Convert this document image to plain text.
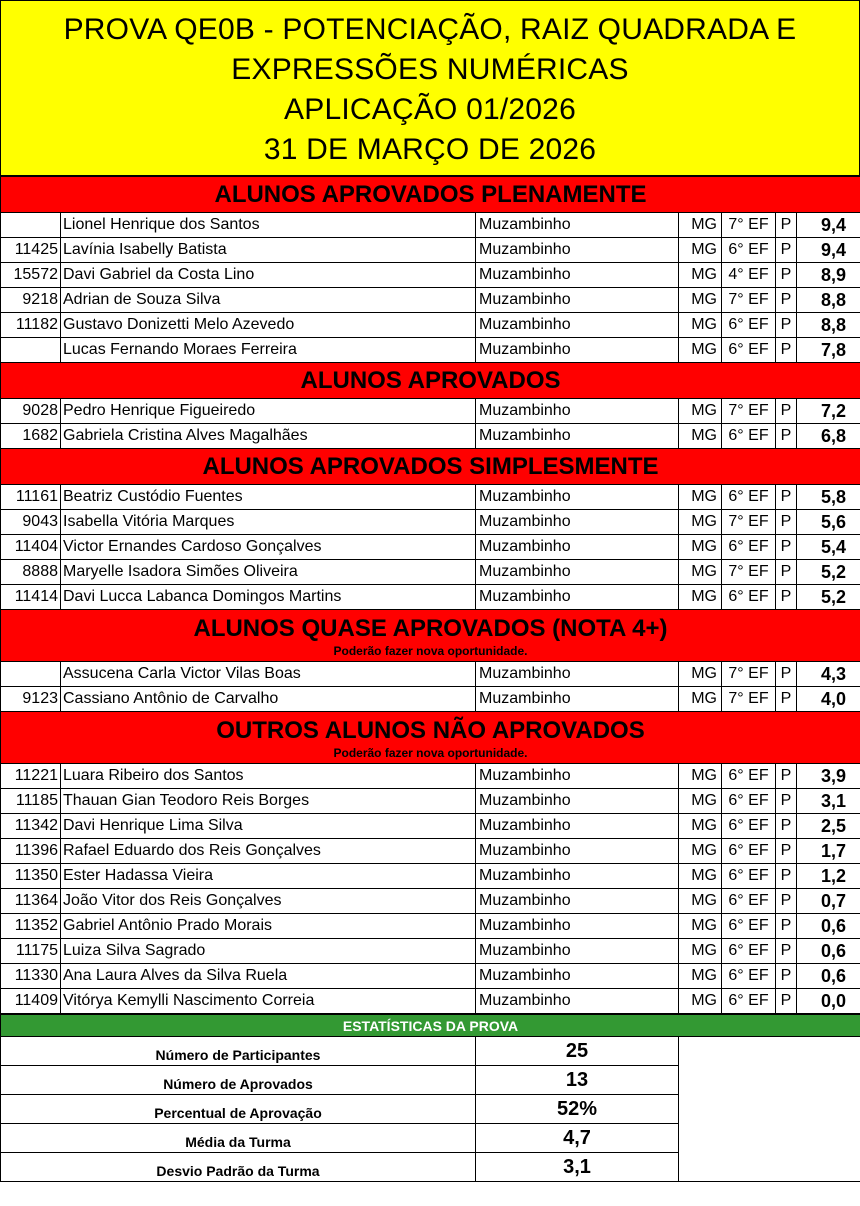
PROVA QE0B - POTENCIAÇÃO, RAIZ QUADRADA E
EXPRESSÕES NUMÉRICAS
APLICAÇÃO 01/2026
31 DE MARÇO DE 2026
ALUNOS APROVADOS PLENAMENTE						

	Lionel Henrique dos Santos	Muzambinho	MG	7° EF	P	9,4
11425	Lavínia Isabelly Batista	Muzambinho	MG	6° EF	P	9,4
15572	Davi Gabriel da Costa Lino	Muzambinho	MG	4° EF	P	8,9
9218	Adrian de Souza Silva	Muzambinho	MG	7° EF	P	8,8
11182	Gustavo Donizetti Melo Azevedo	Muzambinho	MG	6° EF	P	8,8
	Lucas Fernando Moraes Ferreira	Muzambinho	MG	6° EF	P	7,8

ALUNOS APROVADOS						

9028	Pedro Henrique Figueiredo	Muzambinho	MG	7° EF	P	7,2
1682	Gabriela Cristina Alves Magalhães	Muzambinho	MG	6° EF	P	6,8

ALUNOS APROVADOS SIMPLESMENTE						

11161	Beatriz Custódio Fuentes	Muzambinho	MG	6° EF	P	5,8
9043	Isabella Vitória Marques	Muzambinho	MG	7° EF	P	5,6
11404	Victor Ernandes Cardoso Gonçalves	Muzambinho	MG	6° EF	P	5,4
8888	Maryelle Isadora Simões Oliveira	Muzambinho	MG	7° EF	P	5,2
11414	Davi Lucca Labanca Domingos Martins	Muzambinho	MG	6° EF	P	5,2

ALUNOS QUASE APROVADOS (NOTA 4+)
Poderão fazer nova oportunidade.						

	Assucena Carla Victor Vilas Boas	Muzambinho	MG	7° EF	P	4,3
9123	Cassiano Antônio de Carvalho	Muzambinho	MG	7° EF	P	4,0

OUTROS ALUNOS NÃO APROVADOS
Poderão fazer nova oportunidade.						

11221	Luara Ribeiro dos Santos	Muzambinho	MG	6° EF	P	3,9
11185	Thauan Gian Teodoro Reis Borges	Muzambinho	MG	6° EF	P	3,1
11342	Davi Henrique Lima Silva	Muzambinho	MG	6° EF	P	2,5
11396	Rafael Eduardo dos Reis Gonçalves	Muzambinho	MG	6° EF	P	1,7
11350	Ester Hadassa Vieira	Muzambinho	MG	6° EF	P	1,2
11364	João Vitor dos Reis Gonçalves	Muzambinho	MG	6° EF	P	0,7
11352	Gabriel Antônio Prado Morais	Muzambinho	MG	6° EF	P	0,6
11175	Luiza Silva Sagrado	Muzambinho	MG	6° EF	P	0,6
11330	Ana Laura Alves da Silva Ruela	Muzambinho	MG	6° EF	P	0,6
11409	Vitórya Kemylli Nascimento Correia	Muzambinho	MG	6° EF	P	0,0
ESTATÍSTICAS DA PROVA		
Número de Participantes	25	
Número de Aprovados	13	
Percentual de Aprovação	52%	
Média da Turma	4,7	
Desvio Padrão da Turma	3,1	
